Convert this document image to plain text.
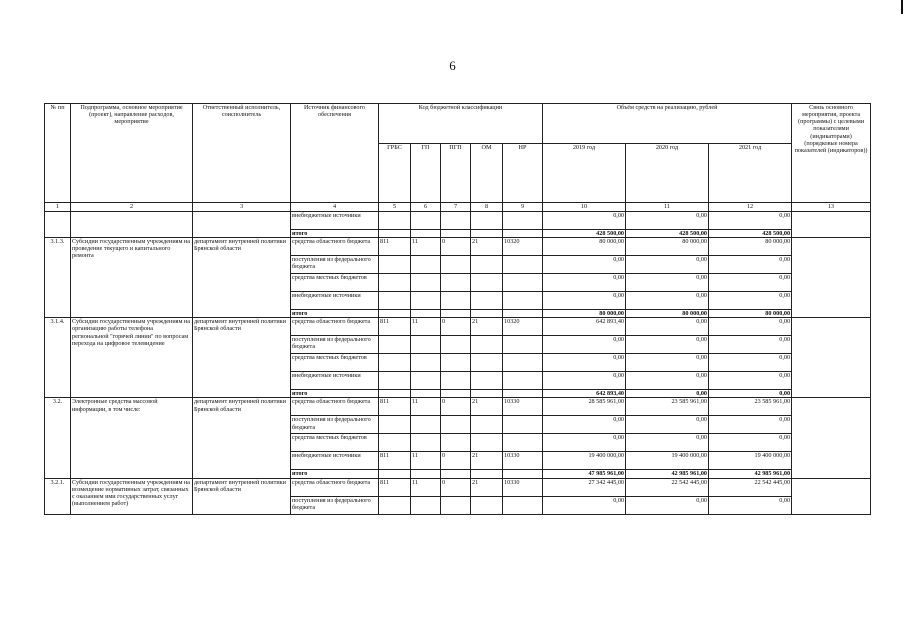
6
№ пп	Подпрограмма, основное мероприятие (проект), направление расходов, мероприятие	Ответственный исполнитель, соисполнитель	Источник финансового обеспечения	Код бюджетной классификации					Объём средств на реализацию, рублей			Связь основного мероприятия, проекта (программы) с целевыми показателями (индикаторами) (порядковые номера показателей (индикаторов))
				ГРБС	ГП	ПГП	ОМ	НР	2019 год	2020 год	2021 год	
1	2	3	4	5	6	7	8	9	10	11	12	13
			внебюджетные источники						0,00	0,00	0,00	
			итого						428 500,00	428 500,00	428 500,00	
3.1.3.	Субсидии государственным учреждениям на проведение текущего и капитального ремонта	департамент внутренней политики Брянской области	средства областного бюджета	811	11	0	21	10320	80 000,00	80 000,00	80 000,00	
			поступления из федерального бюджета						0,00	0,00	0,00	
			средства местных бюджетов						0,00	0,00	0,00	
			внебюджетные источники						0,00	0,00	0,00	
			итого						80 000,00	80 000,00	80 000,00	
3.1.4.	Субсидии государственным учреждениям на организацию работы телефона региональной "горячей линии" по вопросам перехода на цифровое телевидение	департамент внутренней политики Брянской области	средства областного бюджета	811	11	0	21	10320	642 893,40	0,00	0,00	
			поступления из федерального бюджета						0,00	0,00	0,00	
			средства местных бюджетов						0,00	0,00	0,00	
			внебюджетные источники						0,00	0,00	0,00	
			итого						642 893,40	0,00	0,00	
3.2.	Электронные средства массовой информации, в том числе:	департамент внутренней политики Брянской области	средства областного бюджета	811	11	0	21	10330	28 585 961,00	23 585 961,00	23 585 961,00	
			поступления из федерального бюджета						0,00	0,00	0,00	
			средства местных бюджетов						0,00	0,00	0,00	
			внебюджетные источники	811	11	0	21	10330	19 400 000,00	19 400 000,00	19 400 000,00	
			итого						47 985 961,00	42 985 961,00	42 985 961,00	
3.2.1.	Субсидии государственным учреждениям на возмещение нормативных затрат, связанных с оказанием ими государственных услуг (выполнением работ)	департамент внутренней политики Брянской области	средства областного бюджета	811	11	0	21	10330	27 342 445,00	22 542 445,00	22 542 445,00	
			поступления из федерального бюджета						0,00	0,00	0,00	
